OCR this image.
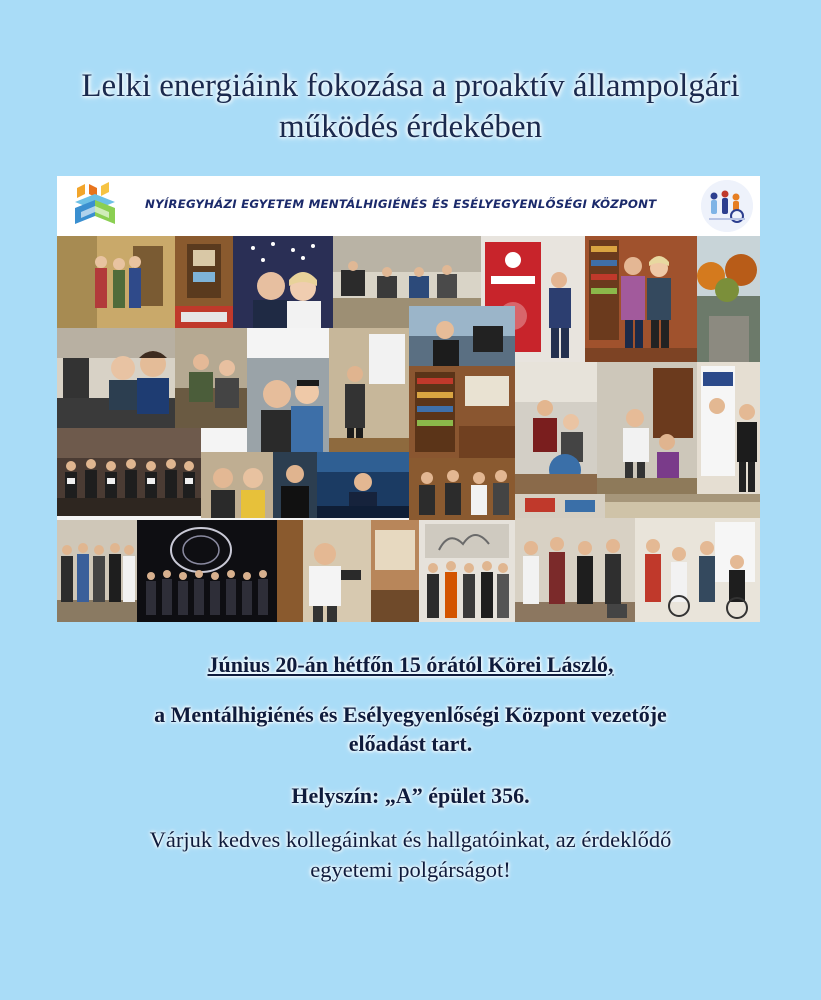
Lelki energiáink fokozása a proaktív állampolgári
működés érdekében
NYÍREGYHÁZI EGYETEM MENTÁLHIGIÉNÉS ÉS ESÉLYEGYENLŐSÉGI KÖZPONT
Június 20-án hétfőn 15 órától Körei László,
a Mentálhigiénés és Esélyegyenlőségi Központ vezetője
előadást tart.
Helyszín: „A” épület 356.
Várjuk kedves kollegáinkat és hallgatóinkat, az érdeklődő
egyetemi polgárságot!
